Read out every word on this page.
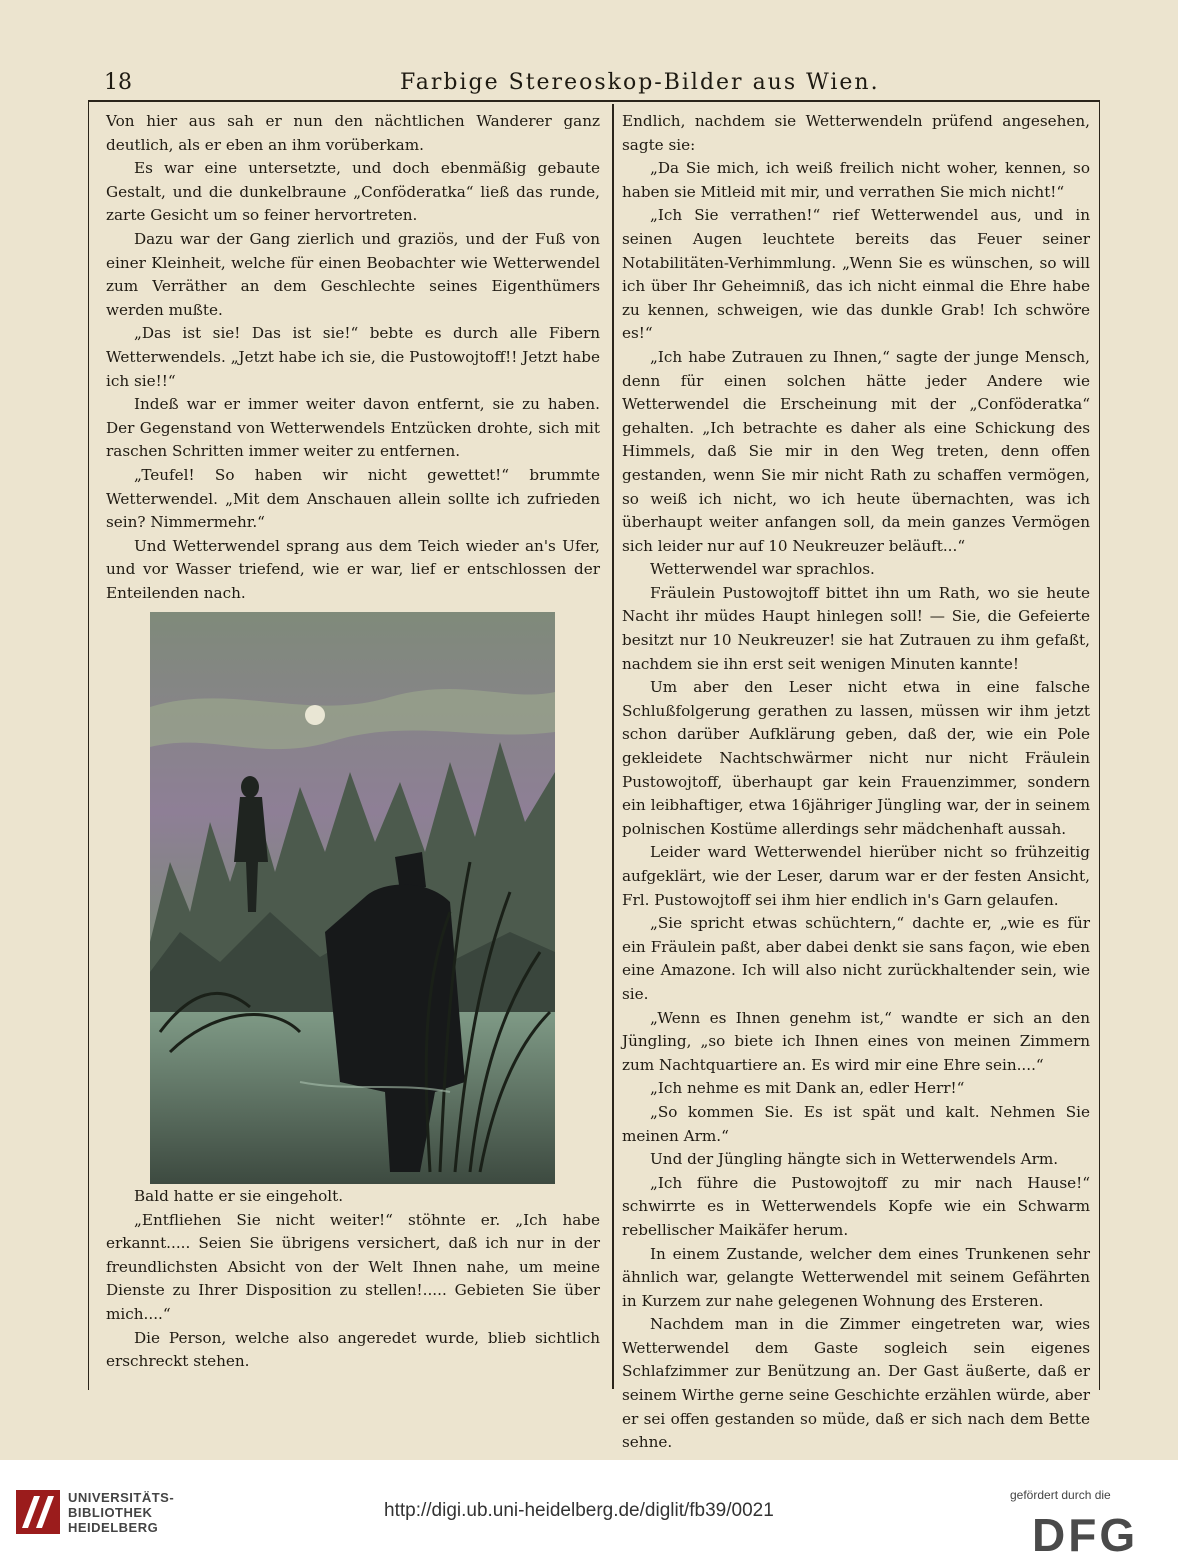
18	Farbige Stereoskop-Bilder aus Wien.

Von hier aus sah er nun den nächtlichen Wanderer ganz deutlich, als er eben an ihm vorüberkam.

Es war eine untersetzte, und doch ebenmäßig gebaute Gestalt, und die dunkelbraune „Conföderatka“ ließ das runde, zarte Gesicht um so feiner hervortreten.

Dazu war der Gang zierlich und graziös, und der Fuß von einer Kleinheit, welche für einen Beobachter wie Wetterwendel zum Verräther an dem Geschlechte seines Eigenthümers werden mußte.

„Das ist sie! Das ist sie!“ bebte es durch alle Fibern Wetterwendels. „Jetzt habe ich sie, die Pustowojtoff!! Jetzt habe ich sie!!“

Indeß war er immer weiter davon entfernt, sie zu haben. Der Gegenstand von Wetterwendels Entzücken drohte, sich mit raschen Schritten immer weiter zu entfernen.

„Teufel! So haben wir nicht gewettet!“ brummte Wetterwendel. „Mit dem Anschauen allein sollte ich zufrieden sein? Nimmermehr.“

Und Wetterwendel sprang aus dem Teich wieder an's Ufer, und vor Wasser triefend, wie er war, lief er entschlossen der Enteilenden nach.

Bald hatte er sie eingeholt.

„Entfliehen Sie nicht weiter!“ stöhnte er. „Ich habe erkannt..... Seien Sie übrigens versichert, daß ich nur in der freundlichsten Absicht von der Welt Ihnen nahe, um meine Dienste zu Ihrer Disposition zu stellen!..... Gebieten Sie über mich....“

Die Person, welche also angeredet wurde, blieb sichtlich erschreckt stehen.

Endlich, nachdem sie Wetterwendeln prüfend angesehen, sagte sie:

„Da Sie mich, ich weiß freilich nicht woher, kennen, so haben sie Mitleid mit mir, und verrathen Sie mich nicht!“

„Ich Sie verrathen!“ rief Wetterwendel aus, und in seinen Augen leuchtete bereits das Feuer seiner Notabilitäten-Verhimmlung. „Wenn Sie es wünschen, so will ich über Ihr Geheimniß, das ich nicht einmal die Ehre habe zu kennen, schweigen, wie das dunkle Grab! Ich schwöre es!“

„Ich habe Zutrauen zu Ihnen,“ sagte der junge Mensch, denn für einen solchen hätte jeder Andere wie Wetterwendel die Erscheinung mit der „Conföderatka“ gehalten. „Ich betrachte es daher als eine Schickung des Himmels, daß Sie mir in den Weg treten, denn offen gestanden, wenn Sie mir nicht Rath zu schaffen vermögen, so weiß ich nicht, wo ich heute übernachten, was ich überhaupt weiter anfangen soll, da mein ganzes Vermögen sich leider nur auf 10 Neukreuzer beläuft...“

Wetterwendel war sprachlos.

Fräulein Pustowojtoff bittet ihn um Rath, wo sie heute Nacht ihr müdes Haupt hinlegen soll! — Sie, die Gefeierte besitzt nur 10 Neukreuzer! sie hat Zutrauen zu ihm gefaßt, nachdem sie ihn erst seit wenigen Minuten kannte!

Um aber den Leser nicht etwa in eine falsche Schlußfolgerung gerathen zu lassen, müssen wir ihm jetzt schon darüber Aufklärung geben, daß der, wie ein Pole gekleidete Nachtschwärmer nicht nur nicht Fräulein Pustowojtoff, überhaupt gar kein Frauenzimmer, sondern ein leibhaftiger, etwa 16jähriger Jüngling war, der in seinem polnischen Kostüme allerdings sehr mädchenhaft aussah.

Leider ward Wetterwendel hierüber nicht so frühzeitig aufgeklärt, wie der Leser, darum war er der festen Ansicht, Frl. Pustowojtoff sei ihm hier endlich in's Garn gelaufen.

„Sie spricht etwas schüchtern,“ dachte er, „wie es für ein Fräulein paßt, aber dabei denkt sie sans façon, wie eben eine Amazone. Ich will also nicht zurückhaltender sein, wie sie.

„Wenn es Ihnen genehm ist,“ wandte er sich an den Jüngling, „so biete ich Ihnen eines von meinen Zimmern zum Nachtquartiere an. Es wird mir eine Ehre sein....“

„Ich nehme es mit Dank an, edler Herr!“

„So kommen Sie. Es ist spät und kalt. Nehmen Sie meinen Arm.“

Und der Jüngling hängte sich in Wetterwendels Arm.

„Ich führe die Pustowojtoff zu mir nach Hause!“ schwirrte es in Wetterwendels Kopfe wie ein Schwarm rebellischer Maikäfer herum.

In einem Zustande, welcher dem eines Trunkenen sehr ähnlich war, gelangte Wetterwendel mit seinem Gefährten in Kurzem zur nahe gelegenen Wohnung des Ersteren.

Nachdem man in die Zimmer eingetreten war, wies Wetterwendel dem Gaste sogleich sein eigenes Schlafzimmer zur Benützung an. Der Gast äußerte, daß er seinem Wirthe gerne seine Geschichte erzählen würde, aber er sei offen gestanden so müde, daß er sich nach dem Bette sehne.

UNIVERSITÄTS-
BIBLIOTHEK
HEIDELBERG
http://digi.ub.uni-heidelberg.de/diglit/fb39/0021
gefördert durch die
DFG
